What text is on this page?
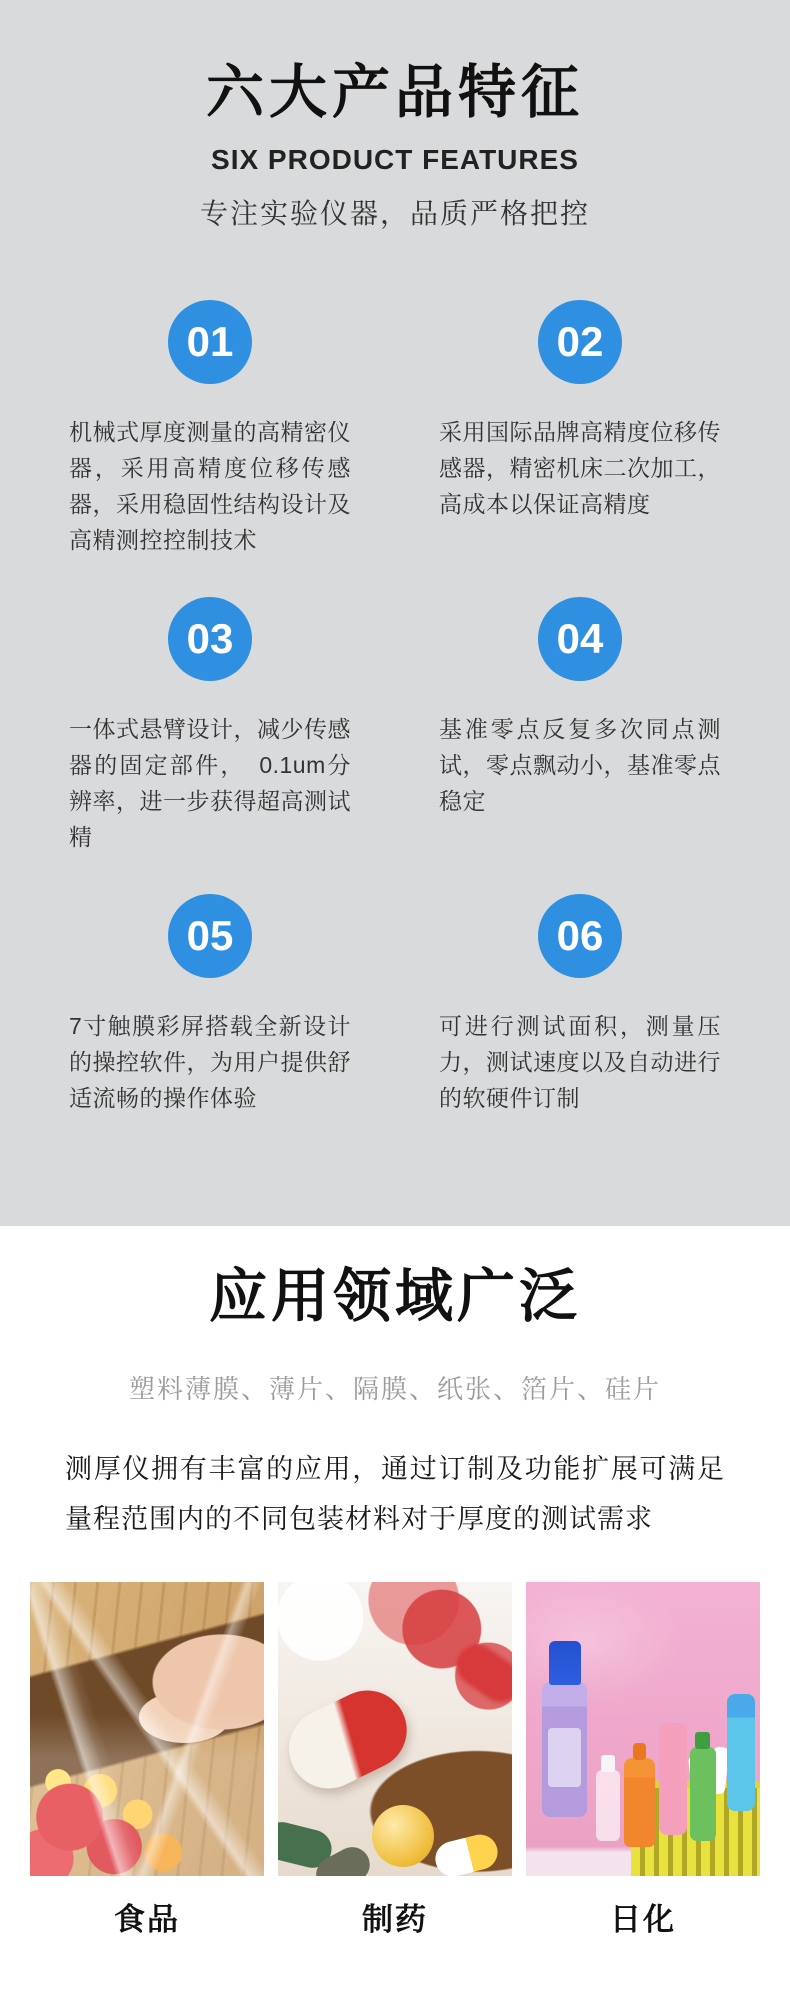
六大产品特征
SIX PRODUCT FEATURES
专注实验仪器，品质严格把控
01

机械式厚度测量的高精密仪器，采用高精度位移传感器，采用稳固性结构设计及高精测控控制技术

02

采用国际品牌高精度位移传感器，精密机床二次加工，高成本以保证高精度

03

一体式悬臂设计，减少传感器的固定部件，　0.1um分辨率，进一步获得超高测试精

04

基准零点反复多次同点测试，零点飘动小，基准零点稳定

05

7寸触膜彩屏搭载全新设计的操控软件，为用户提供舒适流畅的操作体验

06

可进行测试面积，测量压力，测试速度以及自动进行的软硬件订制

应用领域广泛
塑料薄膜、薄片、隔膜、纸张、箔片、硅片

测厚仪拥有丰富的应用，通过订制及功能扩展可满足量程范围内的不同包装材料对于厚度的测试需求

食品	制药	日化
